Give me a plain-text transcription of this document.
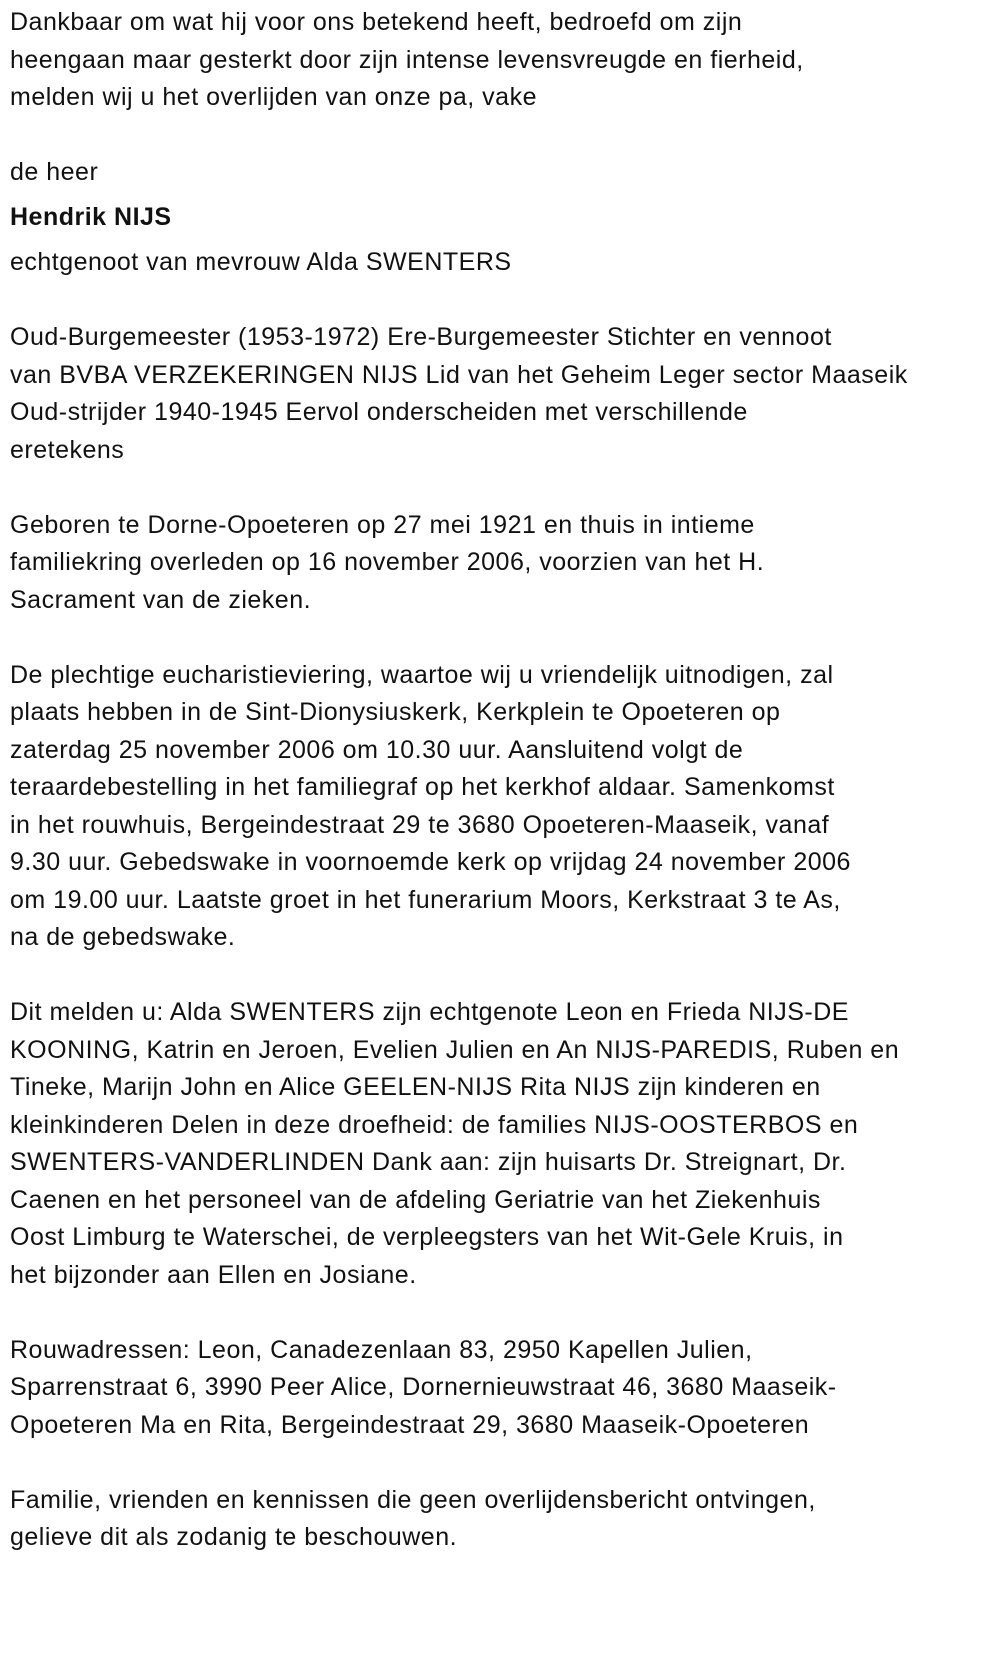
Dankbaar om wat hij voor ons betekend heeft, bedroefd om zijn
heengaan maar gesterkt door zijn intense levensvreugde en fierheid,
melden wij u het overlijden van onze pa, vake

de heer
Hendrik NIJS

echtgenoot van mevrouw Alda SWENTERS

Oud-Burgemeester (1953-1972) Ere-Burgemeester Stichter en vennoot
van BVBA VERZEKERINGEN NIJS Lid van het Geheim Leger sector Maaseik
Oud-strijder 1940-1945 Eervol onderscheiden met verschillende
eretekens

Geboren te Dorne-Opoeteren op 27 mei 1921 en thuis in intieme
familiekring overleden op 16 november 2006, voorzien van het H.
Sacrament van de zieken.

De plechtige eucharistieviering, waartoe wij u vriendelijk uitnodigen, zal
plaats hebben in de Sint-Dionysiuskerk, Kerkplein te Opoeteren op
zaterdag 25 november 2006 om 10.30 uur. Aansluitend volgt de
teraardebestelling in het familiegraf op het kerkhof aldaar. Samenkomst
in het rouwhuis, Bergeindestraat 29 te 3680 Opoeteren-Maaseik, vanaf
9.30 uur. Gebedswake in voornoemde kerk op vrijdag 24 november 2006
om 19.00 uur. Laatste groet in het funerarium Moors, Kerkstraat 3 te As,
na de gebedswake.

Dit melden u: Alda SWENTERS zijn echtgenote Leon en Frieda NIJS-DE
KOONING, Katrin en Jeroen, Evelien Julien en An NIJS-PAREDIS, Ruben en
Tineke, Marijn John en Alice GEELEN-NIJS Rita NIJS zijn kinderen en
kleinkinderen Delen in deze droefheid: de families NIJS-OOSTERBOS en
SWENTERS-VANDERLINDEN Dank aan: zijn huisarts Dr. Streignart, Dr.
Caenen en het personeel van de afdeling Geriatrie van het Ziekenhuis
Oost Limburg te Waterschei, de verpleegsters van het Wit-Gele Kruis, in
het bijzonder aan Ellen en Josiane.

Rouwadressen: Leon, Canadezenlaan 83, 2950 Kapellen Julien,
Sparrenstraat 6, 3990 Peer Alice, Dornernieuwstraat 46, 3680 Maaseik-
Opoeteren Ma en Rita, Bergeindestraat 29, 3680 Maaseik-Opoeteren

Familie, vrienden en kennissen die geen overlijdensbericht ontvingen,
gelieve dit als zodanig te beschouwen.
